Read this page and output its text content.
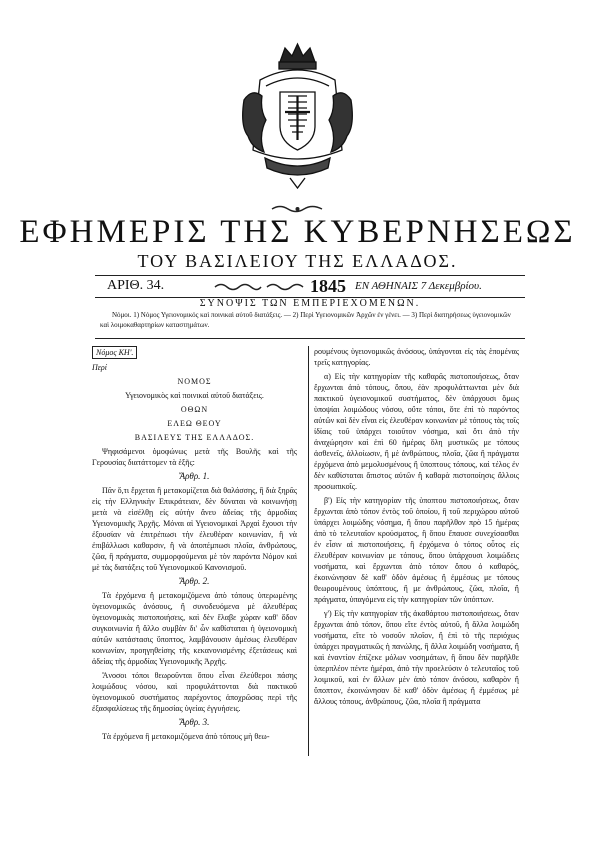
ΕΦΗΜΕΡΙΣ ΤΗΣ ΚΥΒΕΡΝΗΣΕΩΣ
ΤΟΥ ΒΑΣΙΛΕΙΟΥ ΤΗΣ ΕΛΛΑΔΟΣ.
ΑΡΙΘ. 34.	1845 ΕΝ ΑΘΗΝΑΙΣ 7 Δεκεμβρίου.
ΣΥΝΟΨΙΣ ΤΩΝ ΕΜΠΕΡΙΕΧΟΜΕΝΩΝ.
Νόμοι. 1) Νόμος Υγειονομικός καὶ ποινικαὶ αὐτοῦ διατάξεις. — 2) Περὶ Υγειονομικῶν Ἀρχῶν ἐν γένει. — 3) Περὶ διατηρήσεως ὑγειονομικῶν καὶ λοιμοκαθαρτηρίων καταστημάτων.

Νόμος ΚΗ'.

Περί

ΝΟΜΟΣ

Υγειονομικὸς καὶ ποινικαὶ αὐτοῦ διατάξεις.

ΟΘΩΝ

ΕΛΕΩ ΘΕΟΥ

ΒΑΣΙΛΕΥΣ ΤΗΣ ΕΛΛΑΔΟΣ.

Ψηφισάμενοι ὁμοφώνως μετὰ τῆς Βουλῆς καὶ τῆς Γερουσίας διατάττομεν τὰ ἑξῆς:

Ἄρθρ. 1.

Πᾶν ὅ,τι ἔρχεται ἢ μετακομίζεται διὰ θαλάσσης, ἢ διὰ ξηρᾶς εἰς τὴν Ελληνικὴν Επικράτειαν, δὲν δύναται νὰ κοινωνήσῃ μετὰ νὰ εἰσέλθῃ εἰς αὐτὴν ἄνευ ἀδείας τῆς ἁρμοδίας Υγειονομικῆς Ἀρχῆς. Μόναι αἱ Υγειονομικαὶ Ἀρχαὶ ἔχουσι τὴν ἐξουσίαν νὰ ἐπιτρέπωσι τὴν ἐλευθέραν κοινωνίαν, ἢ νὰ ἐπιβάλλωσι καθαρσιν, ἢ νὰ ἀποπέμπωσι πλοῖα, ἀνθρώπους, ζῶα, ἢ πράγματα, συμμορφούμεναι μὲ τὸν παρόντα Νόμον καὶ μὲ τὰς διατάξεις τοῦ Υγειονομικοῦ Κανονισμοῦ.

Ἄρθρ. 2.

Τὰ ἐρχόμενα ἢ μετακομιζόμενα ἀπὸ τόπους ὑπερωμένης ὑγειονομικῶς ἀνόσους, ἢ συνοδευόμενα μὲ ἀλευθέρας ὑγειονομικὰς πιστοποιήσεις, καὶ δὲν ἔλαβε χώραν καθ' ὅδον συγκοινωνία ἢ ἄλλο συμβὰν δι' ὧν καθίσταται ἡ ὑγειονομικὴ αὐτῶν κατάστασις ὕποπτος, λαμβάνουσιν ἀμέσως ἐλευθέραν κοινωνίαν, προηγηθείσης τῆς κεκανονισμένης ἐξετάσεως καὶ ἀδείας τῆς ἁρμοδίας Υγειονομικῆς Ἀρχῆς.

Ἄνοσοι τόποι θεωροῦνται ὅπου εἶναι ἐλεύθεροι πάσης λοιμώδους νόσου, καὶ προφυλάττονται διὰ πακτικοῦ ὑγειονομικοῦ συστήματος παρέχοντος ἀποχρῶσας περὶ τῆς ἐξασφαλίσεως τῆς δημοσίας ὑγείας ἐγγυήσεις.

Ἄρθρ. 3.

Τὰ ἐρχόμενα ἢ μετακομιζόμενα ἀπὸ τόπους μὴ θεω-

ρουμένους ὑγειονομικῶς ἀνόσους, ὑπάγονται εἰς τὰς ἑπομένας τρεῖς κατηγορίας.

α) Εἰς τὴν κατηγορίαν τῆς καθαρᾶς πιστοποιήσεως, ὅταν ἔρχωνται ἀπὸ τόπους, ὅπου, ἐὰν προφυλάττωνται μὲν διὰ πακτικοῦ ὑγειονομικοῦ συστήματος, δὲν ὑπάρχουσι ὅμως ὑποψίαι λοιμώδους νόσου, οὔτε τόποι, ὅτε ἐπὶ τὸ παρόντος αὐτῶν καὶ δὲν εἶναι εἰς ἐλευθέραν κοινωνίαν μὲ τόπους τὰς τοῖς ἰδίαις τοῦ ὑπάρχει τοιοῦτον νόσημα, καὶ ὅτι ἀπὸ τὴν ἀναχώρησιν καὶ ἐπὶ 60 ἡμέρας ὅλη μυστικῶς με τόπους ἀσθενεῖς, ἀλλοίωσιν, ἢ μὲ ἀνθρώπους, πλοῖα, ζῶα ἢ πράγματα ἐρχόμενα ἀπὸ μεμολυσμένους ἢ ὑποπτους τόπους, καὶ τέλος ἐν δὲν καθίσταται ἄπιστος αὐτῶν ἢ καθαρὰ πιστοποίησις ἄλλοις προσωπικοῖς.

β') Εἰς τὴν κατηγορίαν τῆς ὑποπτου πιστοποιήσεως, ὅταν ἔρχωνται ἀπὸ τόπον ἐντὸς τοῦ ὁποίου, ἢ τοῦ περιχώρου αὐτοῦ ὑπάρχει λοιμώδης νόσημα, ἢ ὅπου παρῆλθον πρὸ 15 ἡμέρας ἀπὸ τὸ τελευταῖον κρούσματος, ἢ ὅπου ἔπαυσε συνεχίσασθαι ἐν εἶσιν αἱ πιστοποιήσεις, ἢ ἐρχόμενα ὁ τόπος οὗτος εἰς ἐλευθέραν κοινωνίαν με τόπους, ὅπου ὑπάρχουσι λοιμώδεις νοσήματα, καὶ ἔρχωνται ἀπὸ τόπον ὅπου ὁ καθαρός, ἐκοινώνησαν δὲ καθ' ὁδὸν ἀμέσως ἢ ἐμμέσως με τόπους θεωρουμένους ὑπόπτους, ἢ με ἀνθρώπους, ζῶα, πλοῖα, ἢ πράγματα, ὑπαγόμενα εἰς τὴν κατηγορίαν τῶν ὑπόπτων.

γ') Εἰς τὴν κατηγορίαν τῆς ἀκαθάρτου πιστοποιήσεως, ὅταν ἔρχωνται ἀπὸ τόπον, ὅπου εἴτε ἐντὸς αὐτοῦ, ἢ ἄλλα λοιμώδη νοσήματα, εἴτε τὸ νοσοῦν πλοῖον, ἢ ἐπὶ τὸ τῆς περιόχως ὑπάρχει πραγματικῶς ἡ πανώλης, ἢ ἄλλα λοιμώδη νοσήματα, ἢ καὶ ἐναντίον ἐπίζεκε μόλων νοσημάτων, ἢ ὅπου δὲν παρῆλθε ὑπερπλέον πέντε ἡμέραι, ἀπὸ τὴν προελεύσιν ὁ τελευταῖος τοῦ λοιμικοῦ, καὶ ἐν ἄλλων μὲν ἀπὸ τόπον ἀνόσου, καθαρὸν ἢ ὕποπτον, ἐκοινώνησαν δὲ καθ' ὁδὸν ἀμέσως ἢ ἐμμέσως μὲ ἄλλους τόπους, ἀνθρώπους, ζῶα, πλοῖα ἢ πράγματα
